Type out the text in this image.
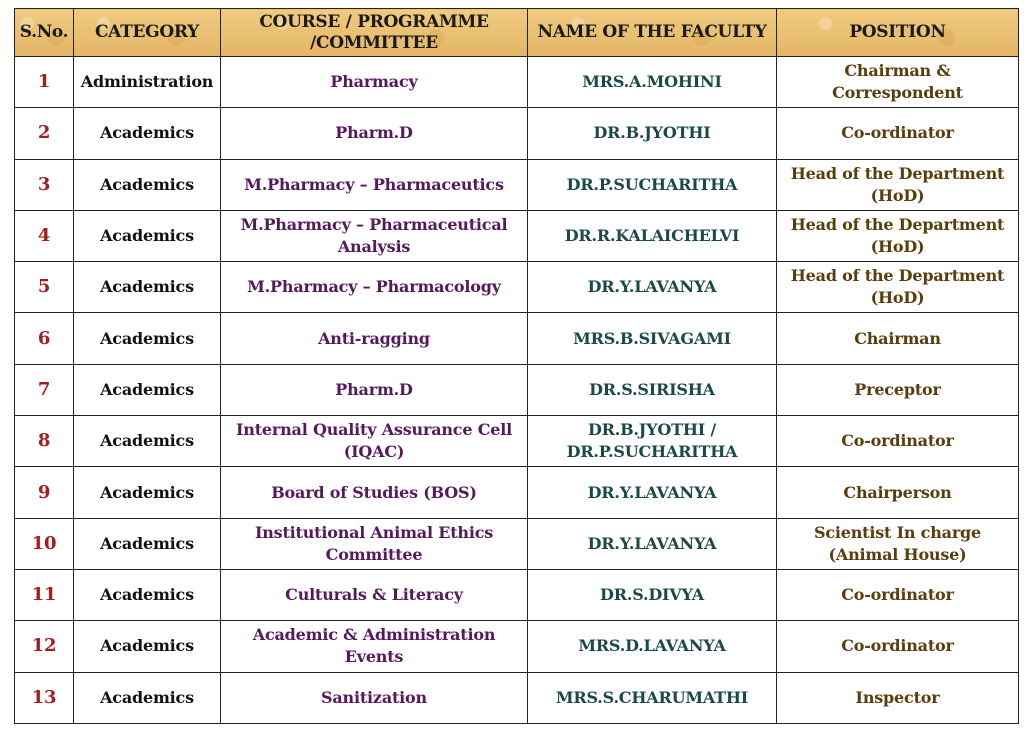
S.No.	CATEGORY	COURSE / PROGRAMME /COMMITTEE	NAME OF THE FACULTY	POSITION
1	Administration	Pharmacy	MRS.A.MOHINI	Chairman & Correspondent
2	Academics	Pharm.D	DR.B.JYOTHI	Co-ordinator
3	Academics	M.Pharmacy – Pharmaceutics	DR.P.SUCHARITHA	Head of the Department (HoD)
4	Academics	M.Pharmacy – Pharmaceutical Analysis	DR.R.KALAICHELVI	Head of the Department (HoD)
5	Academics	M.Pharmacy – Pharmacology	DR.Y.LAVANYA	Head of the Department (HoD)
6	Academics	Anti-ragging	MRS.B.SIVAGAMI	Chairman
7	Academics	Pharm.D	DR.S.SIRISHA	Preceptor
8	Academics	Internal Quality Assurance Cell (IQAC)	DR.B.JYOTHI / DR.P.SUCHARITHA	Co-ordinator
9	Academics	Board of Studies (BOS)	DR.Y.LAVANYA	Chairperson
10	Academics	Institutional Animal Ethics Committee	DR.Y.LAVANYA	Scientist In charge (Animal House)
11	Academics	Culturals & Literacy	DR.S.DIVYA	Co-ordinator
12	Academics	Academic & Administration Events	MRS.D.LAVANYA	Co-ordinator
13	Academics	Sanitization	MRS.S.CHARUMATHI	Inspector
